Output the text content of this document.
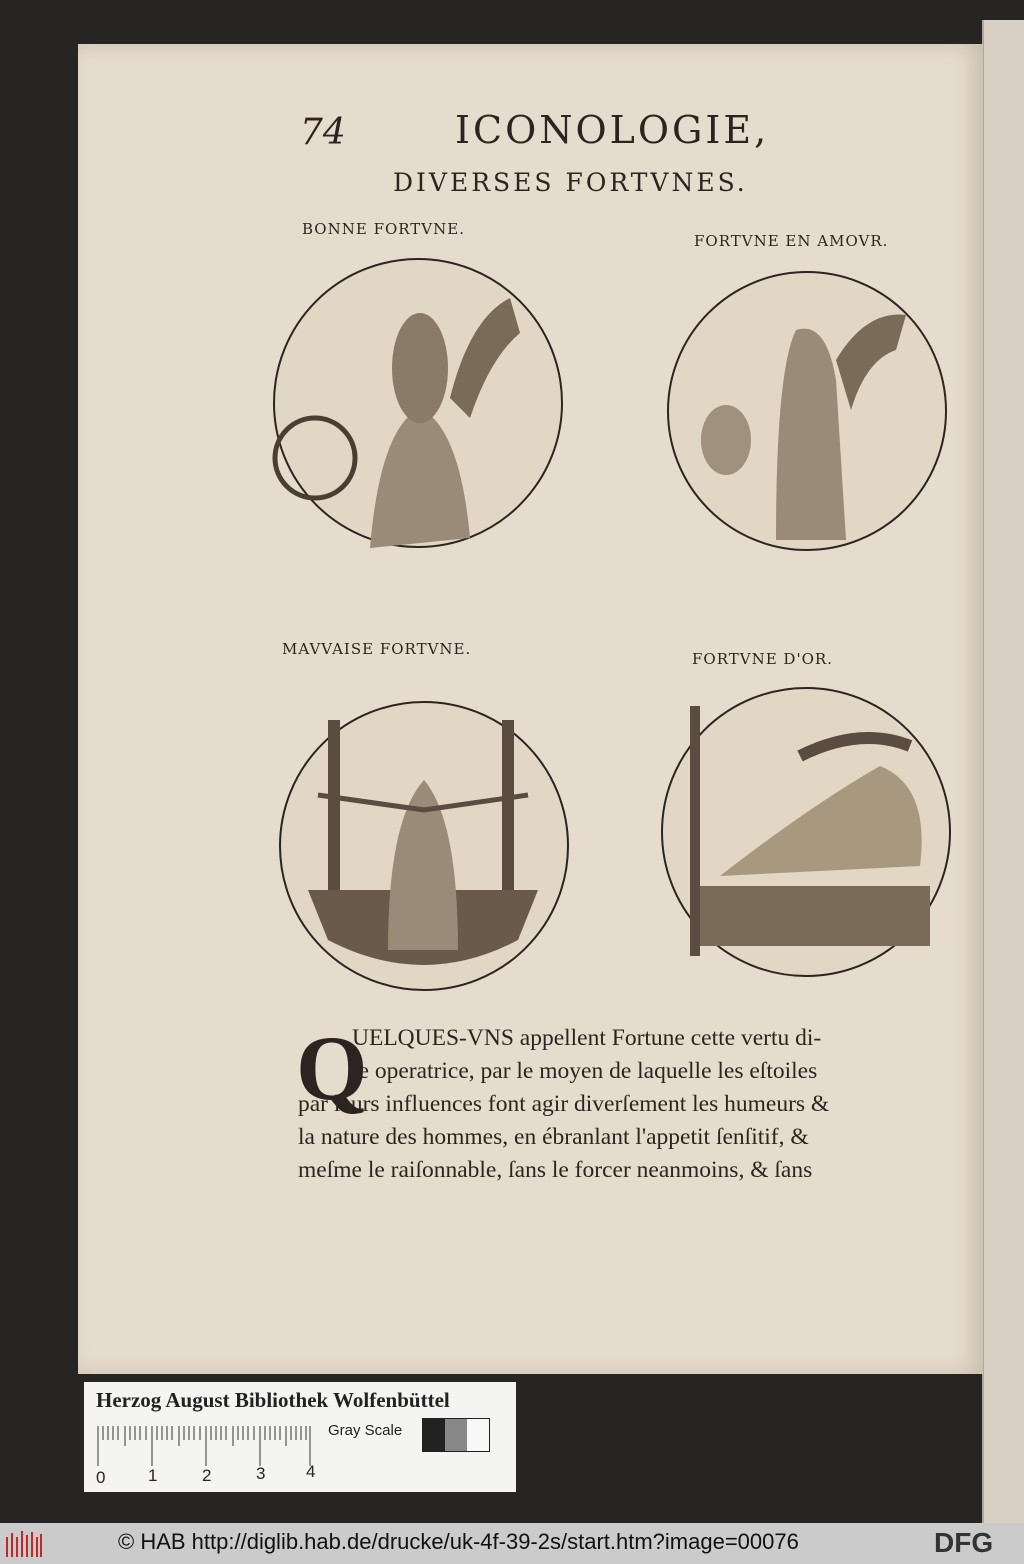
74	ICONOLOGIE,
DIVERSES FORTVNES.
BONNE FORTVNE.
FORTVNE EN AMOVR.
MAVVAISE FORTVNE.
FORTVNE D'OR.
Q
UELQUES-VNS appellent Fortune cette vertu di-
te operatrice, par le moyen de laquelle les eſtoiles
par leurs influences font agir diverſement les humeurs &
la nature des hommes, en ébranlant l'appetit ſenſitif, &
meſme le raiſonnable, ſans le forcer neanmoins, & ſans
Herzog August Bibliothek Wolfenbüttel
0	1	2	3 4
Gray Scale
© HAB http://diglib.hab.de/drucke/uk-4f-39-2s/start.htm?image=00076	DFG
